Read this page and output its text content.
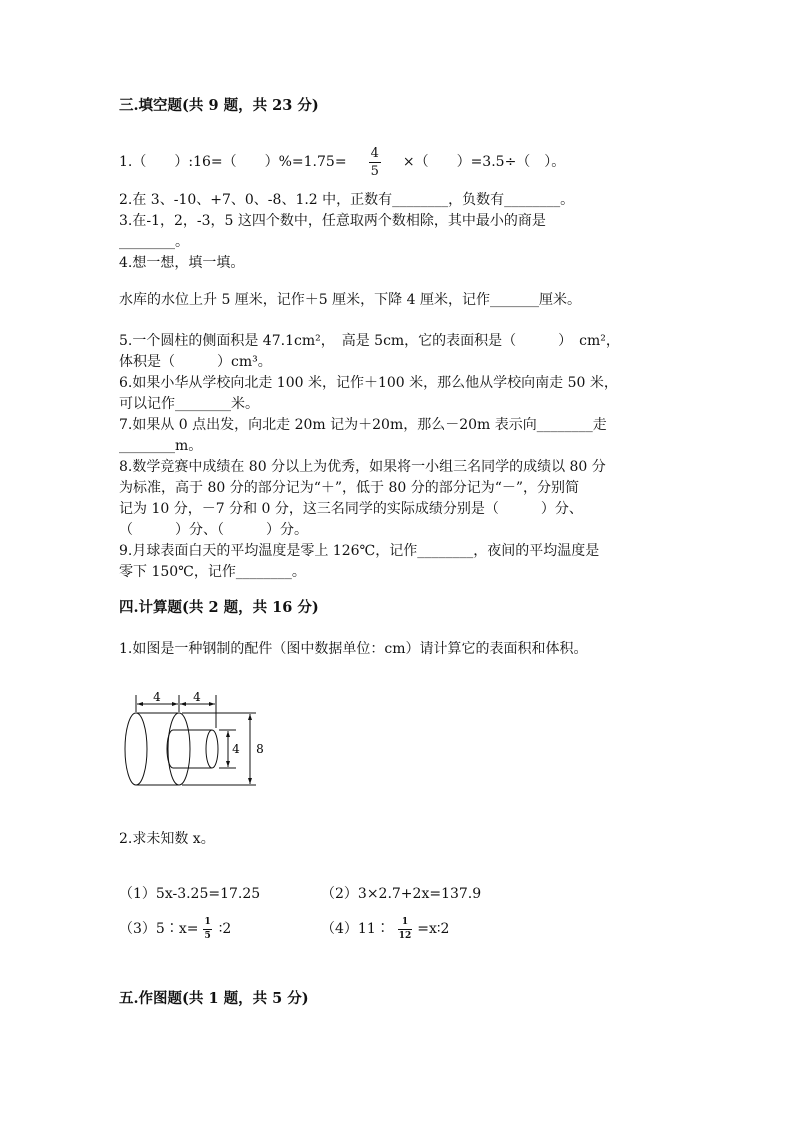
三.填空题(共 9 题，共 23 分)
1.（　　）:16=（　　）$\%=1.75= \frac{4}{5}$ ×（　　）=3.5÷（　）。
2.在 3、-10、+7、0、-8、1.2 中，正数有________，负数有________。
3.在-1，2，-3，5 这四个数中，任意取两个数相除，其中最小的商是
________。
4.想一想，填一填。
水库的水位上升 5 厘米，记作＋5 厘米，下降 4 厘米，记作_______厘米。
5.一个圆柱的侧面积是 47.1cm²，　高是 5cm，它的表面积是（　　　）　cm²，
体积是（　　　）cm³。
6.如果小华从学校向北走 100 米，记作＋100 米，那么他从学校向南走 50 米，
可以记作________米。
7.如果从 0 点出发，向北走 20m 记为＋20m，那么－20m 表示向________走
________m。
8.数学竞赛中成绩在 80 分以上为优秀，如果将一小组三名同学的成绩以 80 分
为标准，高于 80 分的部分记为“＋”，低于 80 分的部分记为“－”，分别简
记为 10 分，－7 分和 0 分，这三名同学的实际成绩分别是（　　　）分、
（　　　）分、（　　　）分。
9.月球表面白天的平均温度是零上 126℃，记作________，夜间的平均温度是
零下 150℃，记作________。
四.计算题(共 2 题，共 16 分)
1.如图是一种钢制的配件（图中数据单位：cm）请计算它的表面积和体积。
4	4
4 8
2.求未知数 x。
（1）5x-3.25=17.25	（2）3×2.7+2x=137.9
（3）5∶x= $\frac{1}{5}$ ∶2	（4）11∶ $\frac{1}{12}$ =x∶2
五.作图题(共 1 题，共 5 分)
